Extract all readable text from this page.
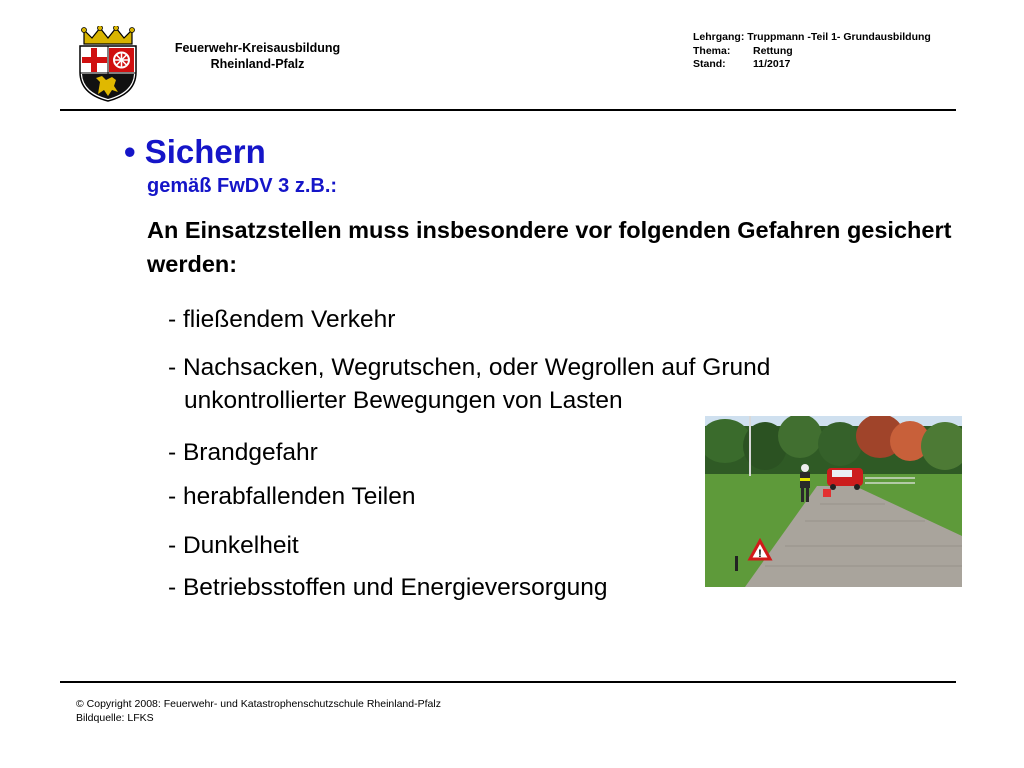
Feuerwehr-Kreisausbildung
Rheinland-Pfalz
Lehrgang:
Truppmann -Teil 1- Grundausbildung
Thema:	Rettung
Stand:	11/2017
• Sichern
gemäß FwDV 3 z.B.:
An Einsatzstellen muss insbesondere vor folgenden Gefahren gesichert werden:
- fließendem Verkehr
- Nachsacken, Wegrutschen, oder Wegrollen auf Grund
unkontrollierter Bewegungen von Lasten
- Brandgefahr
- herabfallenden Teilen
- Dunkelheit
- Betriebsstoffen und Energieversorgung
!
© Copyright 2008: Feuerwehr- und Katastrophenschutzschule Rheinland-Pfalz
Bildquelle: LFKS
